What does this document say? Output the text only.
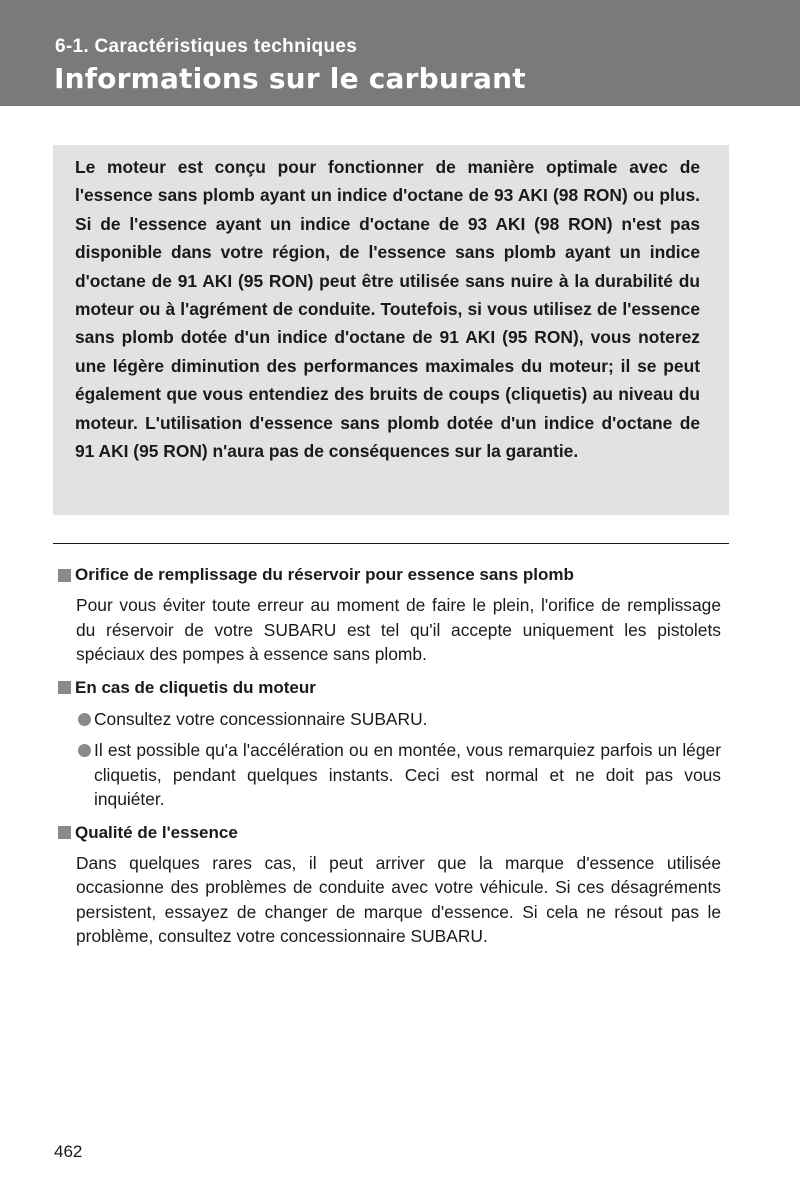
6-1. Caractéristiques techniques
Informations sur le carburant

Le moteur est conçu pour fonctionner de manière optimale avec de l'essence sans plomb ayant un indice d'octane de 93 AKI (98 RON) ou plus. Si de l'essence ayant un indice d'octane de 93 AKI (98 RON) n'est pas disponible dans votre région, de l'essence sans plomb ayant un indice d'octane de 91 AKI (95 RON) peut être utilisée sans nuire à la durabilité du moteur ou à l'agrément de conduite. Toutefois, si vous utilisez de l'essence sans plomb dotée d'un indice d'octane de 91 AKI (95 RON), vous noterez une légère diminution des performances maximales du moteur; il se peut également que vous entendiez des bruits de coups (cliquetis) au niveau du moteur. L'utilisation d'essence sans plomb dotée d'un indice d'octane de 91 AKI (95 RON) n'aura pas de conséquences sur la garantie.

Orifice de remplissage du réservoir pour essence sans plomb

Pour vous éviter toute erreur au moment de faire le plein, l'orifice de remplissage du réservoir de votre SUBARU est tel qu'il accepte uniquement les pistolets spéciaux des pompes à essence sans plomb.

En cas de cliquetis du moteur
Consultez votre concessionnaire SUBARU.
Il est possible qu'a l'accélération ou en montée, vous remarquiez parfois un léger cliquetis, pendant quelques instants. Ceci est normal et ne doit pas vous inquiéter.
Qualité de l'essence

Dans quelques rares cas, il peut arriver que la marque d'essence utilisée occasionne des problèmes de conduite avec votre véhicule. Si ces désagréments persistent, essayez de changer de marque d'essence. Si cela ne résout pas le problème, consultez votre concessionnaire SUBARU.

462
